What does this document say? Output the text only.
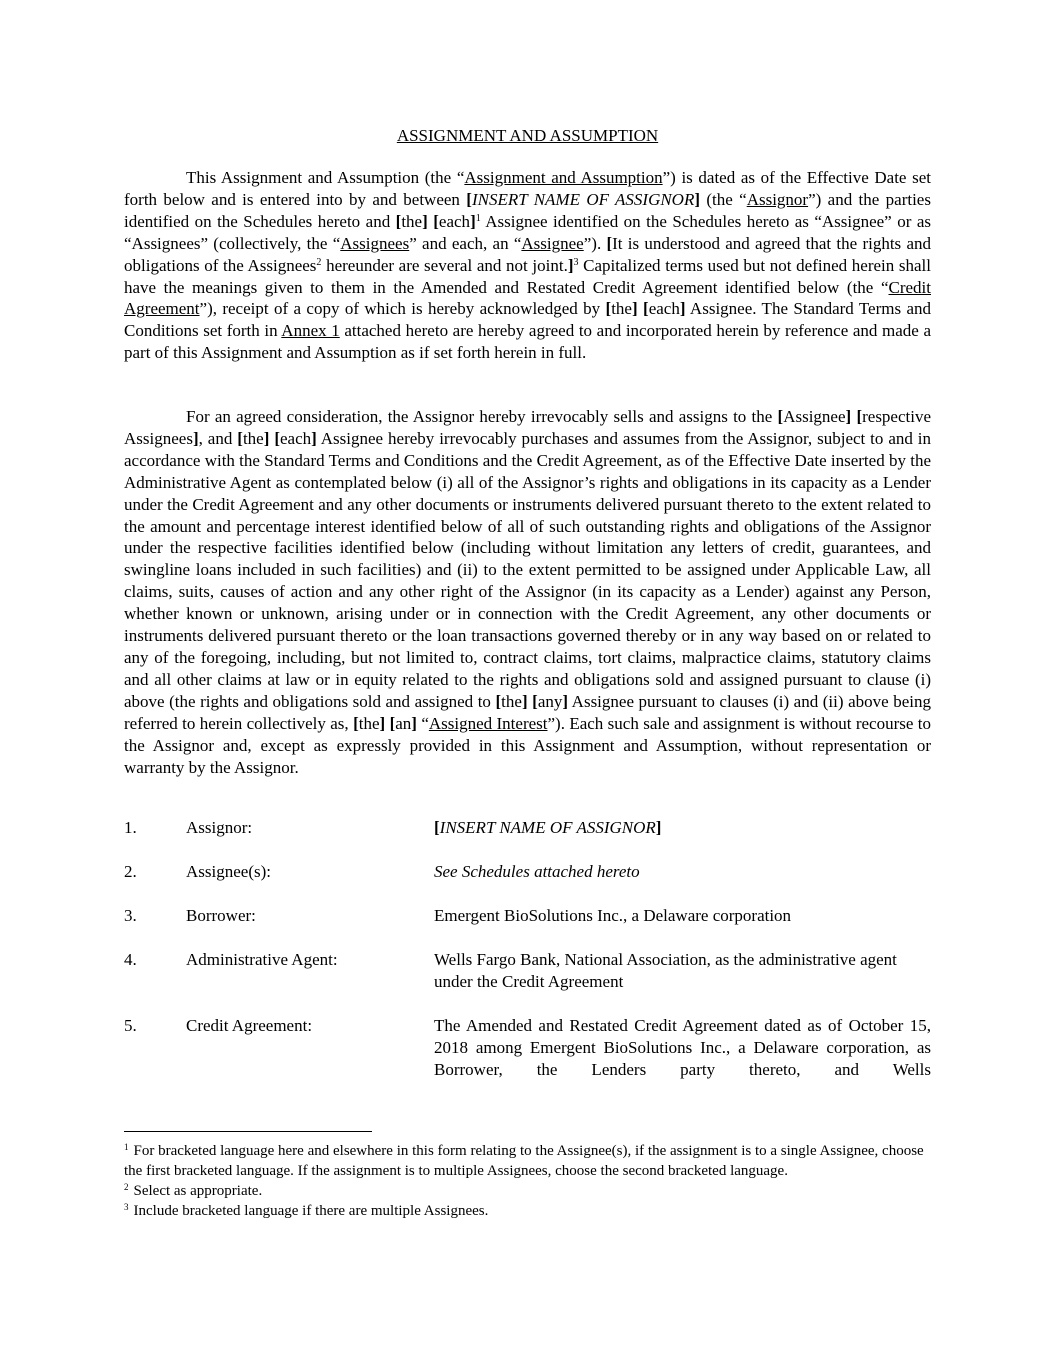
ASSIGNMENT AND ASSUMPTION

This Assignment and Assumption (the “Assignment and Assumption”) is dated as of the Effective Date set forth below and is entered into by and between [INSERT NAME OF ASSIGNOR] (the “Assignor”) and the parties identified on the Schedules hereto and [the] [each]$^1$ Assignee identified on the Schedules hereto as “Assignee” or as “Assignees” (collectively, the “Assignees” and each, an “Assignee”). [It is understood and agreed that the rights and obligations of the Assignees$^2$ hereunder are several and not joint.]$^3$ Capitalized terms used but not defined herein shall have the meanings given to them in the Amended and Restated Credit Agreement identified below (the “Credit Agreement”), receipt of a copy of which is hereby acknowledged by [the] [each] Assignee. The Standard Terms and Conditions set forth in Annex 1 attached hereto are hereby agreed to and incorporated herein by reference and made a part of this Assignment and Assumption as if set forth herein in full.

For an agreed consideration, the Assignor hereby irrevocably sells and assigns to the [Assignee] [respective Assignees], and [the] [each] Assignee hereby irrevocably purchases and assumes from the Assignor, subject to and in accordance with the Standard Terms and Conditions and the Credit Agreement, as of the Effective Date inserted by the Administrative Agent as contemplated below (i) all of the Assignor’s rights and obligations in its capacity as a Lender under the Credit Agreement and any other documents or instruments delivered pursuant thereto to the extent related to the amount and percentage interest identified below of all of such outstanding rights and obligations of the Assignor under the respective facilities identified below (including without limitation any letters of credit, guarantees, and swingline loans included in such facilities) and (ii) to the extent permitted to be assigned under Applicable Law, all claims, suits, causes of action and any other right of the Assignor (in its capacity as a Lender) against any Person, whether known or unknown, arising under or in connection with the Credit Agreement, any other documents or instruments delivered pursuant thereto or the loan transactions governed thereby or in any way based on or related to any of the foregoing, including, but not limited to, contract claims, tort claims, malpractice claims, statutory claims and all other claims at law or in equity related to the rights and obligations sold and assigned pursuant to clause (i) above (the rights and obligations sold and assigned to [the] [any] Assignee pursuant to clauses (i) and (ii) above being referred to herein collectively as, [the] [an] “Assigned Interest”). Each such sale and assignment is without recourse to the Assignor and, except as expressly provided in this Assignment and Assumption, without representation or warranty by the Assignor.

1.	Assignor:	[INSERT NAME OF ASSIGNOR]
2.	Assignee(s):	See Schedules attached hereto
3.	Borrower:	Emergent BioSolutions Inc., a Delaware corporation
4.	Administrative Agent:	Wells Fargo Bank, National Association, as the administrative agent under the Credit Agreement
5.	Credit Agreement:	The Amended and Restated Credit Agreement dated as of October 15, 2018 among Emergent BioSolutions Inc., a Delaware corporation, as Borrower, the Lenders party thereto, and Wells

$^1$ For bracketed language here and elsewhere in this form relating to the Assignee(s), if the assignment is to a single Assignee, choose the first bracketed language. If the assignment is to multiple Assignees, choose the second bracketed language.

$^2$ Select as appropriate.

$^3$ Include bracketed language if there are multiple Assignees.
